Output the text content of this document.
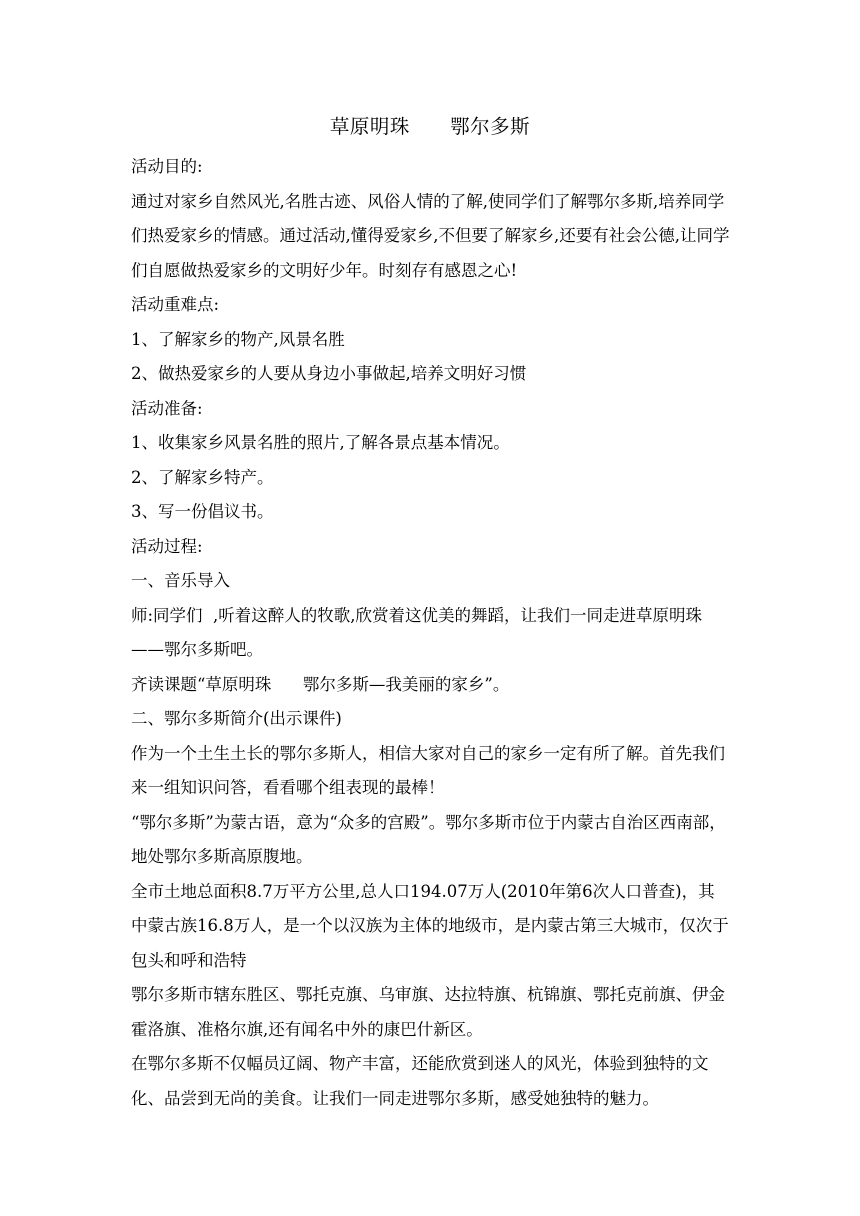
草原明珠      鄂尔多斯

活动目的:

通过对家乡自然风光,名胜古迹、风俗人情的了解,使同学们了解鄂尔多斯,培养同学们热爱家乡的情感。通过活动,懂得爱家乡,不但要了解家乡,还要有社会公德,让同学们自愿做热爱家乡的文明好少年。时刻存有感恩之心!

活动重难点:

1、了解家乡的物产,风景名胜

2、做热爱家乡的人要从身边小事做起,培养文明好习惯

活动准备:

1、收集家乡风景名胜的照片,了解各景点基本情况。

2、了解家乡特产。

3、写一份倡议书。

活动过程:

一、音乐导入

师:同学们  ,听着这醉人的牧歌,欣赏着这优美的舞蹈，让我们一同走进草原明珠——鄂尔多斯吧。

齐读课题“草原明珠      鄂尔多斯—我美丽的家乡”。

二、鄂尔多斯简介(出示课件)

作为一个土生土长的鄂尔多斯人，相信大家对自己的家乡一定有所了解。首先我们来一组知识问答，看看哪个组表现的最棒！

“鄂尔多斯”为蒙古语，意为“众多的宫殿”。鄂尔多斯市位于内蒙古自治区西南部，地处鄂尔多斯高原腹地。

全市土地总面积8.7万平方公里,总人口194.07万人(2010年第6次人口普查)，其中蒙古族16.8万人，是一个以汉族为主体的地级市，是内蒙古第三大城市，仅次于包头和呼和浩特

鄂尔多斯市辖东胜区、鄂托克旗、乌审旗、达拉特旗、杭锦旗、鄂托克前旗、伊金霍洛旗、准格尔旗,还有闻名中外的康巴什新区。

在鄂尔多斯不仅幅员辽阔、物产丰富，还能欣赏到迷人的风光，体验到独特的文化、品尝到无尚的美食。让我们一同走进鄂尔多斯，感受她独特的魅力。
